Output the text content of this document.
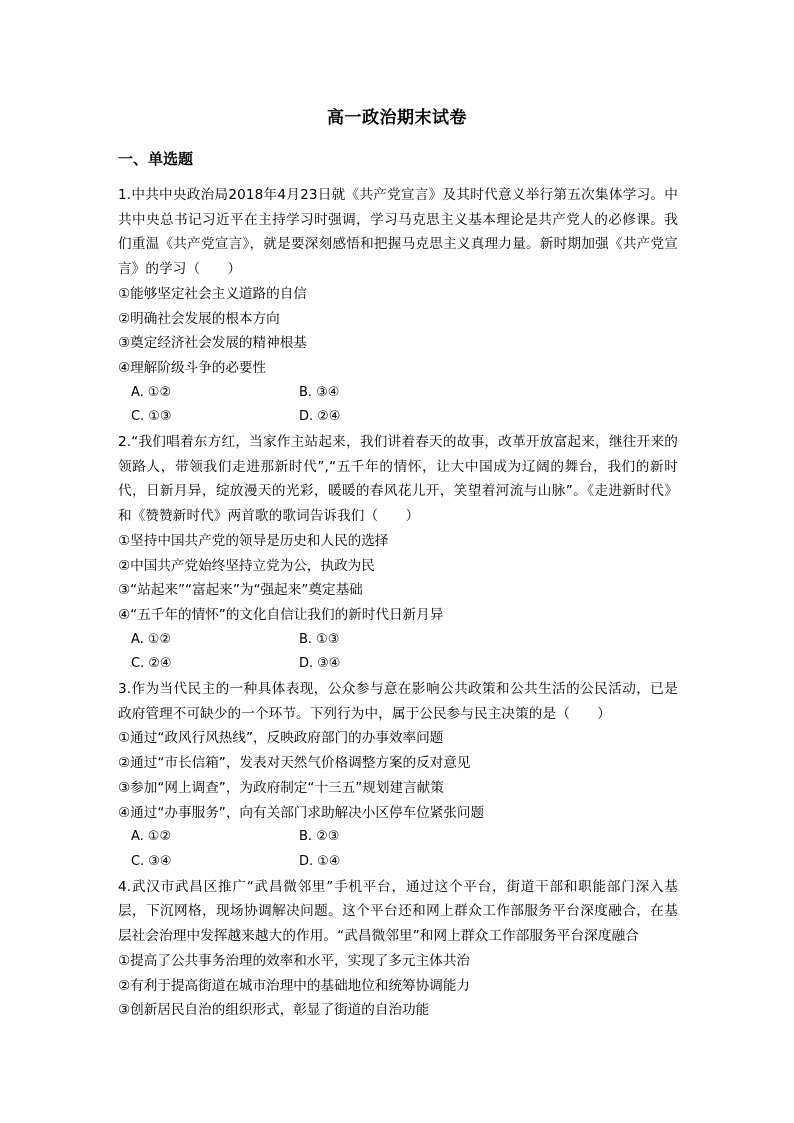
高一政治期末试卷
一、单选题

1.中共中央政治局2018年4月23日就《共产党宣言》及其时代意义举行第五次集体学习。中共中央总书记习近平在主持学习时强调，学习马克思主义基本理论是共产党人的必修课。我们重温《共产党宣言》，就是要深刻感悟和把握马克思主义真理力量。新时期加强《共产党宣言》的学习（　　）

①能够坚定社会主义道路的自信

②明确社会发展的根本方向

③奠定经济社会发展的精神根基

④理解阶级斗争的必要性

A. ①②	B. ③④
C. ①③	D. ②④

2.“我们唱着东方红，当家作主站起来，我们讲着春天的故事，改革开放富起来，继往开来的领路人，带领我们走进那新时代”,“五千年的情怀，让大中国成为辽阔的舞台，我们的新时代，日新月异，绽放漫天的光彩，暖暖的春风花儿开，笑望着河流与山脉”。《走进新时代》和《赞赞新时代》两首歌的歌词告诉我们（　　）

①坚持中国共产党的领导是历史和人民的选择

②中国共产党始终坚持立党为公，执政为民

③“站起来”“富起来”为“强起来”奠定基础

④“五千年的情怀”的文化自信让我们的新时代日新月异

A. ①②	B. ①③
C. ②④	D. ③④

3.作为当代民主的一种具体表现，公众参与意在影响公共政策和公共生活的公民活动，已是政府管理不可缺少的一个环节。下列行为中，属于公民参与民主决策的是（　　）

①通过“政风行风热线”，反映政府部门的办事效率问题

②通过“市长信箱”，发表对天然气价格调整方案的反对意见

③参加“网上调查”，为政府制定“十三五”规划建言献策

④通过“办事服务”，向有关部门求助解决小区停车位紧张问题

A. ①②	B. ②③
C. ③④	D. ①④

4.武汉市武昌区推广“武昌微邻里”手机平台，通过这个平台，街道干部和职能部门深入基层，下沉网格，现场协调解决问题。这个平台还和网上群众工作部服务平台深度融合，在基层社会治理中发挥越来越大的作用。“武昌微邻里”和网上群众工作部服务平台深度融合

①提高了公共事务治理的效率和水平，实现了多元主体共治

②有利于提高街道在城市治理中的基础地位和统筹协调能力

③创新居民自治的组织形式，彰显了街道的自治功能
